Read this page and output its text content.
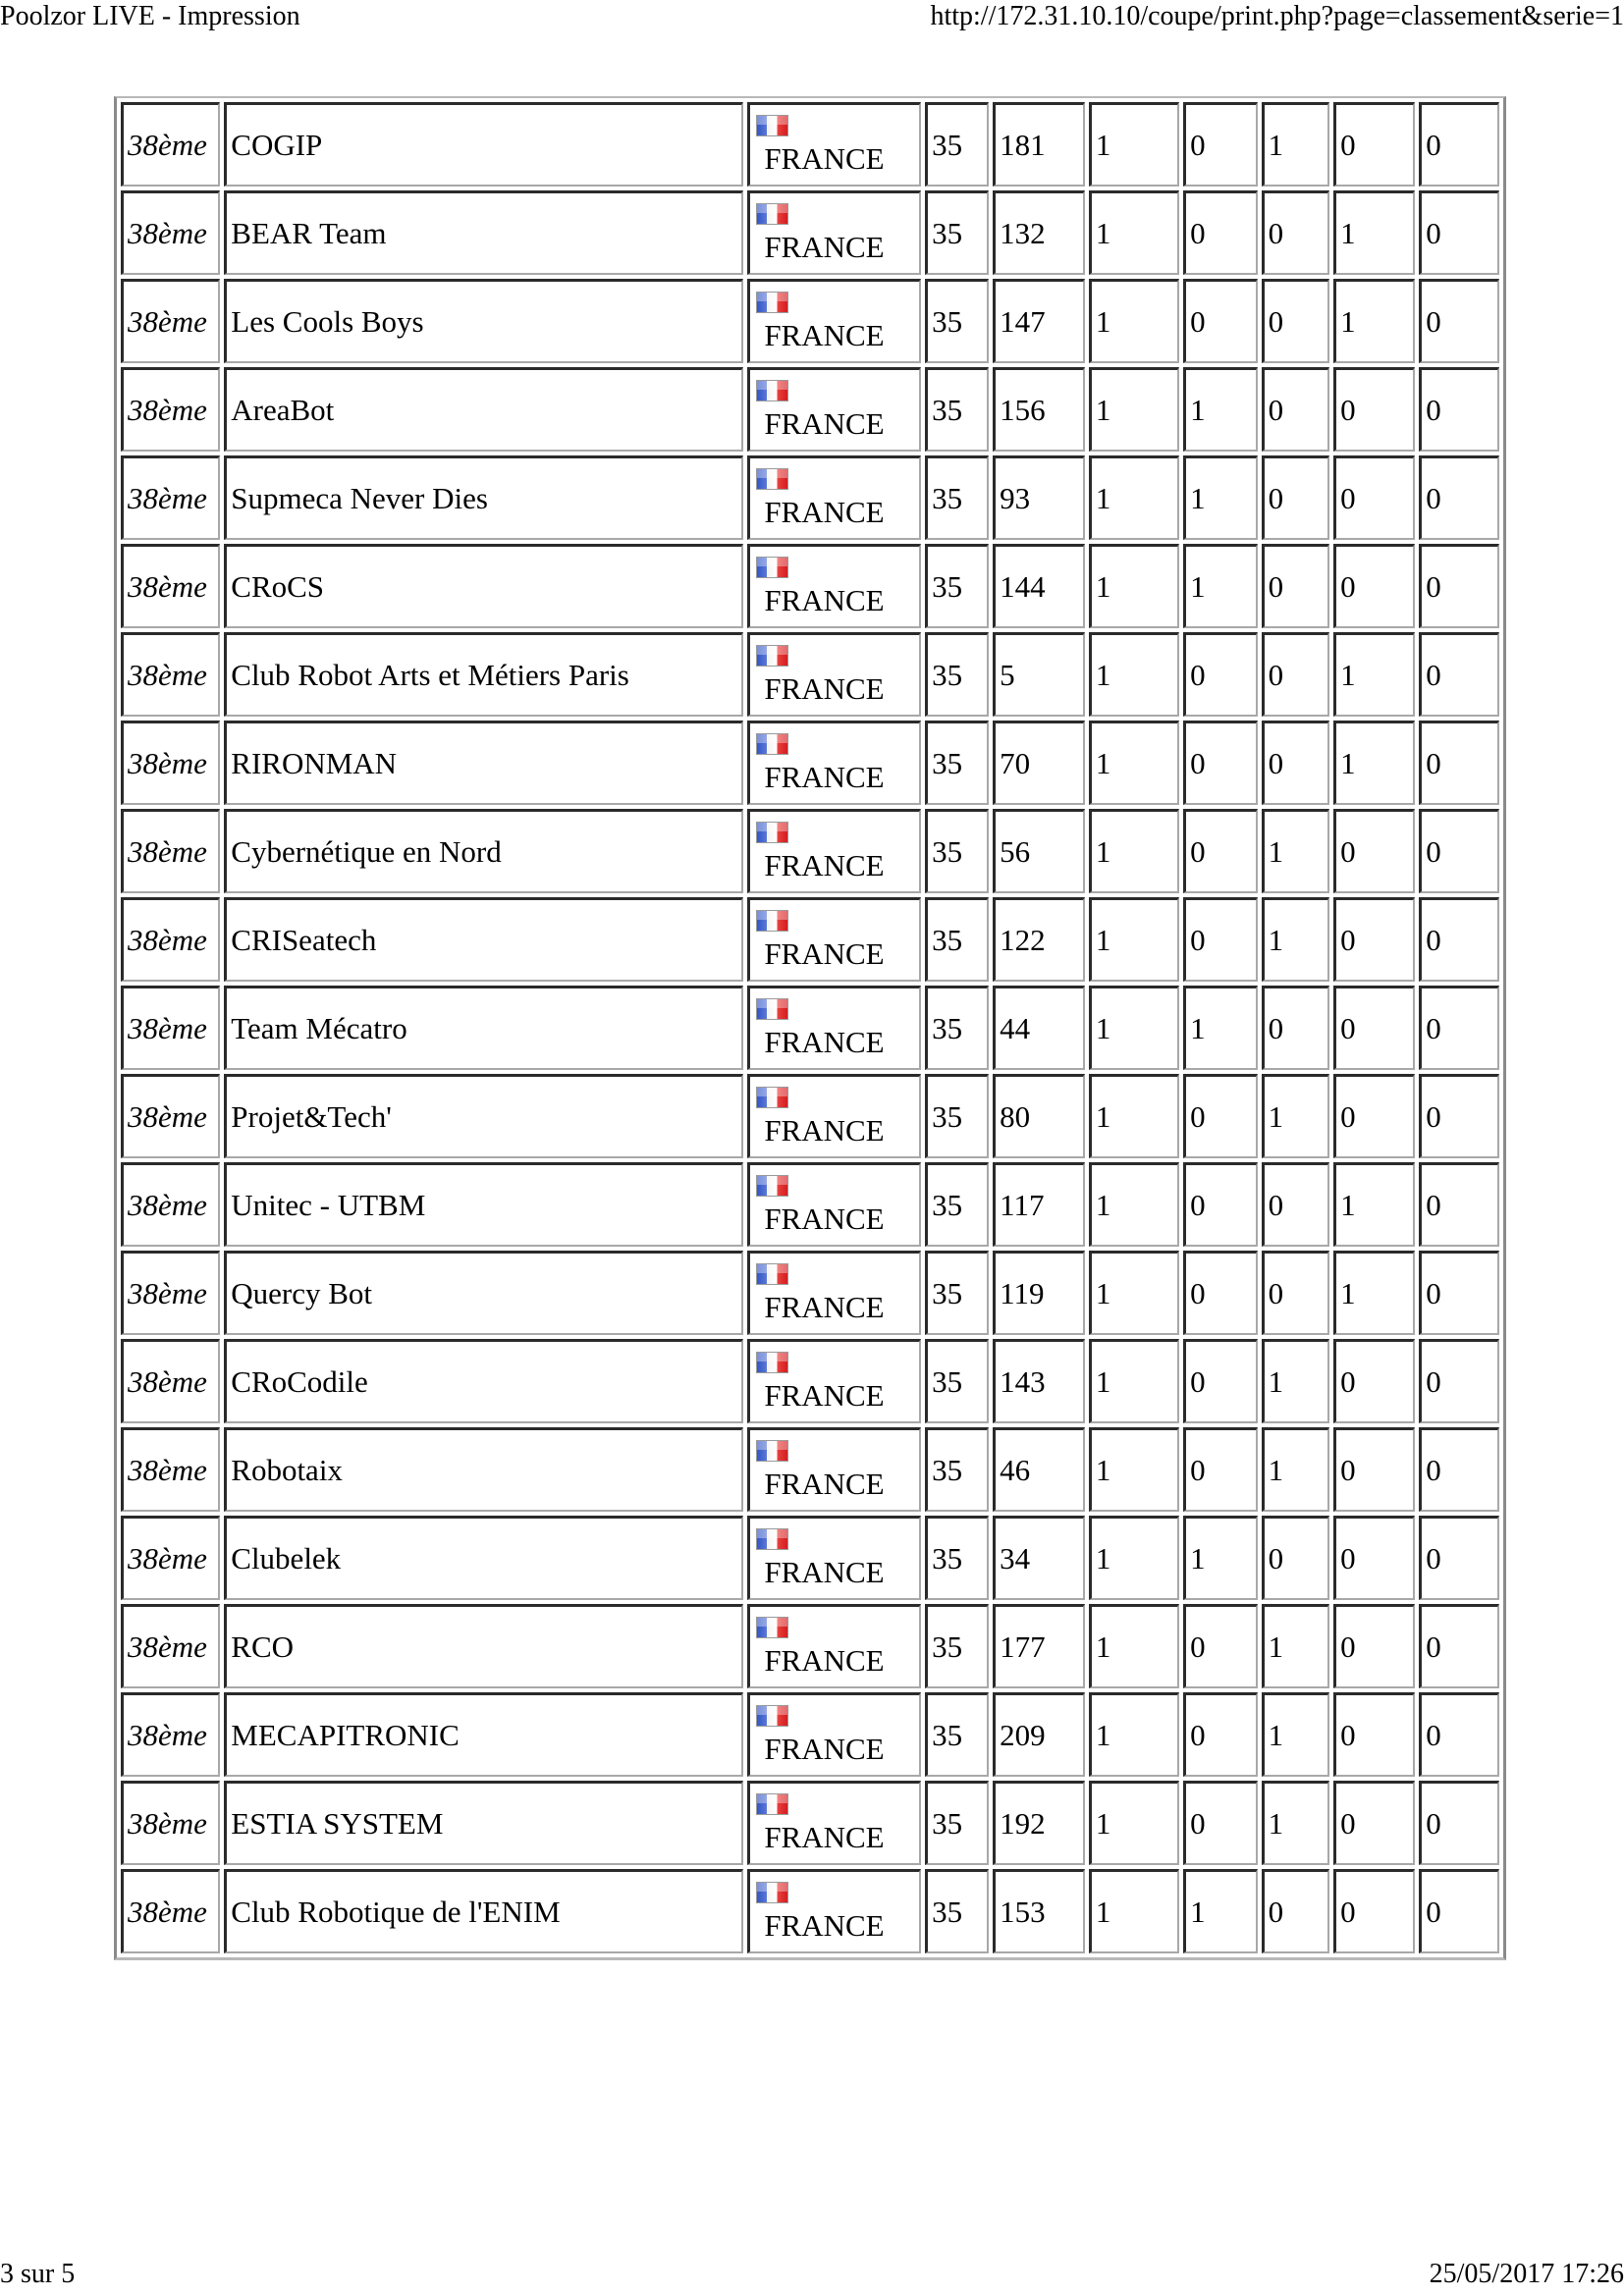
Poolzor LIVE - Impression	http://172.31.10.10/coupe/print.php?page=classement&serie=1
38ème	COGIP	FRANCE	35	181	1	0	1	0	0
38ème	BEAR Team	FRANCE	35	132	1	0	0	1	0
38ème	Les Cools Boys	FRANCE	35	147	1	0	0	1	0
38ème	AreaBot	FRANCE	35	156	1	1	0	0	0
38ème	Supmeca Never Dies	FRANCE	35	93	1	1	0	0	0
38ème	CRoCS	FRANCE	35	144	1	1	0	0	0
38ème	Club Robot Arts et Métiers Paris	FRANCE	35	5	1	0	0	1	0
38ème	RIRONMAN	FRANCE	35	70	1	0	0	1	0
38ème	Cybernétique en Nord	FRANCE	35	56	1	0	1	0	0
38ème	CRISeatech	FRANCE	35	122	1	0	1	0	0
38ème	Team Mécatro	FRANCE	35	44	1	1	0	0	0
38ème	Projet&Tech'	FRANCE	35	80	1	0	1	0	0
38ème	Unitec - UTBM	FRANCE	35	117	1	0	0	1	0
38ème	Quercy Bot	FRANCE	35	119	1	0	0	1	0
38ème	CRoCodile	FRANCE	35	143	1	0	1	0	0
38ème	Robotaix	FRANCE	35	46	1	0	1	0	0
38ème	Clubelek	FRANCE	35	34	1	1	0	0	0
38ème	RCO	FRANCE	35	177	1	0	1	0	0
38ème	MECAPITRONIC	FRANCE	35	209	1	0	1	0	0
38ème	ESTIA SYSTEM	FRANCE	35	192	1	0	1	0	0
38ème	Club Robotique de l'ENIM	FRANCE	35	153	1	1	0	0	0
3 sur 5	25/05/2017 17:26
